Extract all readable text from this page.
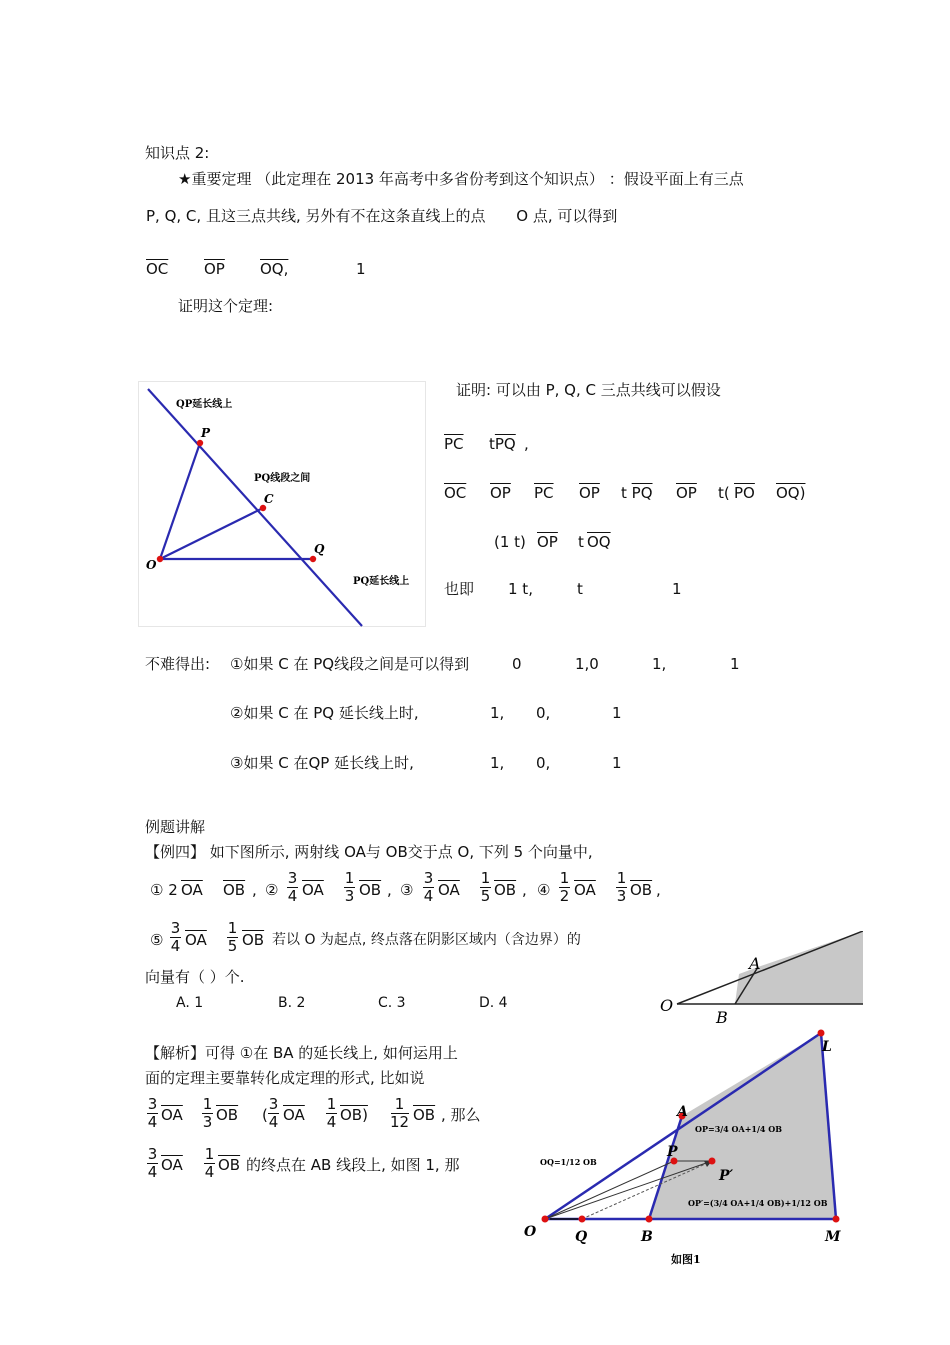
知识点 2:
★重要定理 （此定理在 2013 年高考中多省份考到这个知识点） ：假设平面上有三点
P, Q, C, 且这三点共线, 另外有不在这条直线上的点 O 点, 可以得到
$\overline{OC}$ $\overline{OP}$ OQ,	1
证明这个定理:
QP延长线上
PQ线段之间
PQ延长线上
P
C
O
Q
证明: 可以由 P, Q, C 三点共线可以假设
$\overline{PC}$ $t\overline{PQ}$ ,
$\overline{OC}$ $\overline{OP}$ $\overline{PC}$ $\overline{OP}$ t $\overline{PQ}$ $\overline{OP}$ t( $\overline{PO}$ OQ)
(1 t) $\overline{OP}$ t $\overline{OQ}$
也即 1 t,	t	1
不难得出: ①如果 C 在 PQ线段之间是可以得到	0	1,0	1,	1
②如果 C 在 PQ 延长线上时,	1, 0,	1
③如果 C 在QP 延长线上时,	1, 0,	1
例题讲解
【例四】 如下图所示, 两射线 OA与 OB交于点 O, 下列 5 个向量中,
① 2 $\overline{OA}$ $\overline{OB}$ , ②
3
4 $\overline{OA}$
1
3 $\overline{OB}$ , ③
3
4 $\overline{OA}$
1
5 $\overline{OB}$ , ④
1
2 $\overline{OA}$
1
3 $\overline{OB}$ ,
⑤
3
4 $\overline{OA}$
1
5 $\overline{OB}$ 若以 O 为起点, 终点落在阴影区域内（含边界）的
向量有（ ）个.
A. 1	B. 2	C. 3	D. 4
A
O
B
【解析】可得 ①在 BA 的延长线上, 如何运用上
面的定理主要靠转化成定理的形式, 比如说
3
4 $\overline{OA}$
1
3 $\overline{OB}$ (
3
4 $\overline{OA}$
1
4 OB)
1
12 $\overline{OB}$ , 那么
3
4 $\overline{OA}$
1
4 $\overline{OB}$ 的终点在 AB 线段上, 如图 1, 那
L
A
P
P′
O	Q	B	M
OP=3/4 OA+1/4 OB
OQ=1/12 OB
OP′=(3/4 OA+1/4 OB)+1/12 OB
如图1
